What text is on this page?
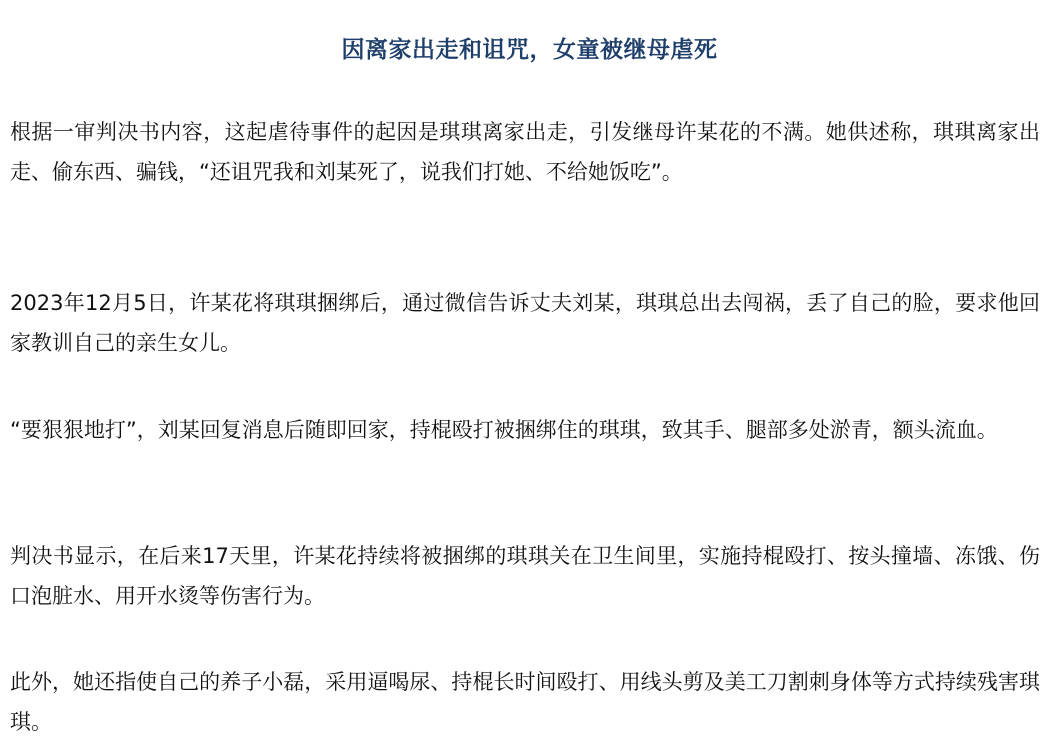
因离家出走和诅咒，女童被继母虐死

根据一审判决书内容，这起虐待事件的起因是琪琪离家出走，引发继母许某花的不满。她供述称，琪琪离家出走、偷东西、骗钱，“还诅咒我和刘某死了，说我们打她、不给她饭吃”。

2023年12月5日，许某花将琪琪捆绑后，通过微信告诉丈夫刘某，琪琪总出去闯祸，丢了自己的脸，要求他回家教训自己的亲生女儿。

“要狠狠地打”，刘某回复消息后随即回家，持棍殴打被捆绑住的琪琪，致其手、腿部多处淤青，额头流血。

判决书显示，在后来17天里，许某花持续将被捆绑的琪琪关在卫生间里，实施持棍殴打、按头撞墙、冻饿、伤口泡脏水、用开水烫等伤害行为。

此外，她还指使自己的养子小磊，采用逼喝尿、持棍长时间殴打、用线头剪及美工刀割刺身体等方式持续残害琪琪。
